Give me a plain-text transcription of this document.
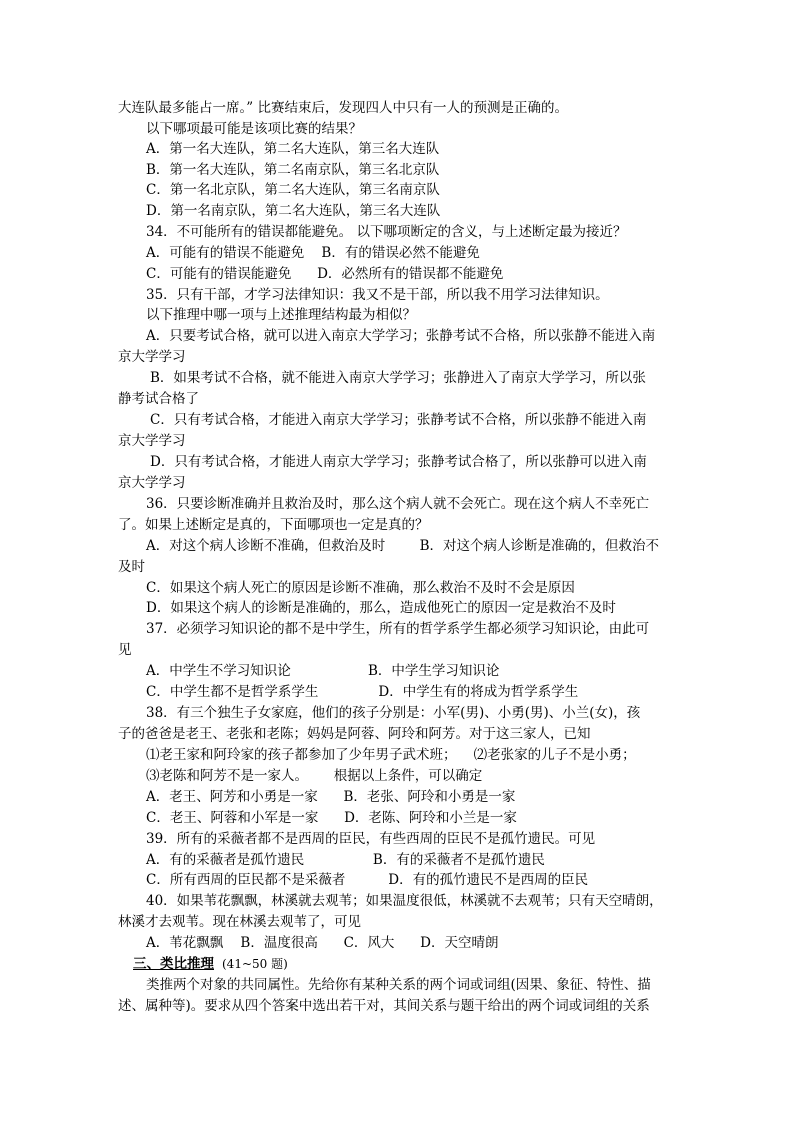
大连队最多能占一席。” 比赛结束后，发现四人中只有一人的预测是正确的。
以下哪项最可能是该项比赛的结果？
A．第一名大连队，第二名大连队，第三名大连队
B．第一名大连队，第二名南京队，第三名北京队
C．第一名北京队，第二名大连队，第三名南京队
D．第一名南京队，第二名大连队，第三名大连队
34．不可能所有的错误都能避免。 以下哪项断定的含义，与上述断定最为接近？
A．可能有的错误不能避免    B．有的错误必然不能避免
C．可能有的错误能避免      D．必然所有的错误都不能避免
35．只有干部，才学习法律知识：我又不是干部，所以我不用学习法律知识。
以下推理中哪一项与上述推理结构最为相似？
A．只要考试合格，就可以进入南京大学学习；张静考试不合格，所以张静不能进入南
京大学学习
B．如果考试不合格，就不能进入南京大学学习；张静进入了南京大学学习，所以张
静考试合格了
C．只有考试合格，才能进入南京大学学习；张静考试不合格，所以张静不能进入南
京大学学习
D．只有考试合格，才能进人南京大学学习；张静考试合格了，所以张静可以进入南
京大学学习
36．只要诊断准确并且救治及时，那么这个病人就不会死亡。现在这个病人不幸死亡
了。如果上述断定是真的，下面哪项也一定是真的？
A．对这个病人诊断不准确，但救治及时        B．对这个病人诊断是准确的，但救治不
及时
C．如果这个病人死亡的原因是诊断不准确，那么救治不及时不会是原因
D．如果这个病人的诊断是准确的，那么，造成他死亡的原因一定是救治不及时
37．必须学习知识论的都不是中学生，所有的哲学系学生都必须学习知识论，由此可
见
A．中学生不学习知识论                  B．中学生学习知识论
C．中学生都不是哲学系学生              D．中学生有的将成为哲学系学生
38．有三个独生子女家庭，他们的孩子分别是：小军(男)、小勇(男)、小兰(女)，孩
子的爸爸是老王、老张和老陈；妈妈是阿蓉、阿玲和阿芳。对于这三家人，已知
⑴老王家和阿玲家的孩子都参加了少年男子武术班；    ⑵老张家的儿子不是小勇；
⑶老陈和阿芳不是一家人。      根据以上条件，可以确定
A．老王、阿芳和小勇是一家      B．老张、阿玲和小勇是一家
C．老王、阿蓉和小军是一家      D．老陈、阿玲和小兰是一家
39．所有的采薇者都不是西周的臣民，有些西周的臣民不是孤竹遗民。可见
A．有的采薇者是孤竹遗民                B．有的采薇者不是孤竹遗民
C．所有西周的臣民都不是采薇者          D．有的孤竹遗民不是西周的臣民
40．如果苇花飘飘，林溪就去观苇；如果温度很低，林溪就不去观苇；只有天空晴朗，
林溪才去观苇。现在林溪去观苇了，可见
A．苇花飘飘    B．温度很高      C．风大      D．天空晴朗
三、类比推理 (41~50 题)
类推两个对象的共同属性。先给你有某种关系的两个词或词组(因果、象征、特性、描
述、属种等)。要求从四个答案中选出若干对，其间关系与题干给出的两个词或词组的关系
